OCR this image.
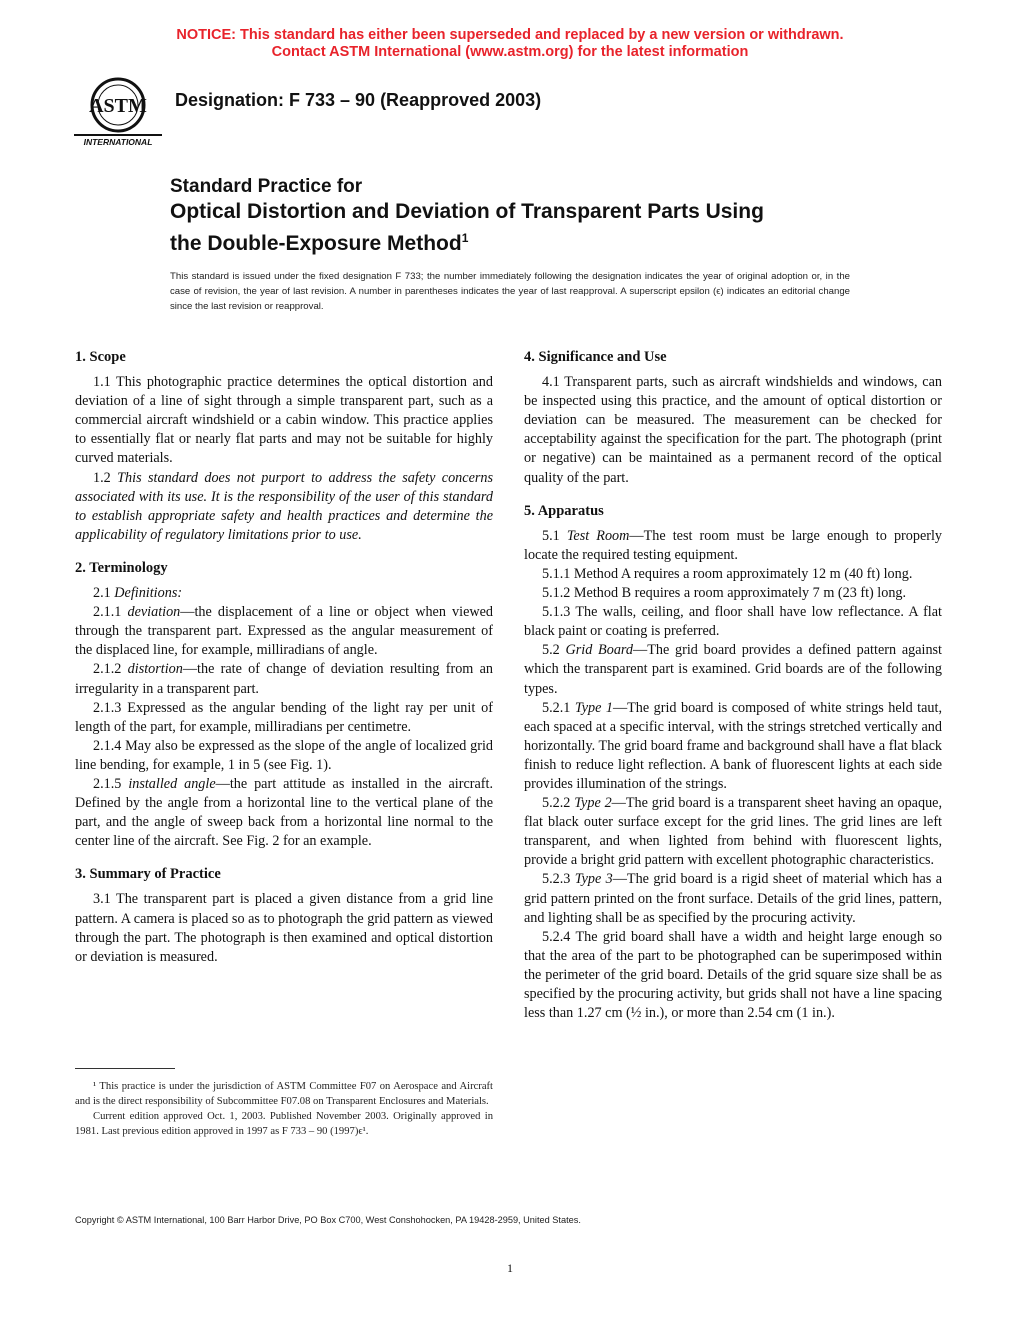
NOTICE: This standard has either been superseded and replaced by a new version or withdrawn.
Contact ASTM International (www.astm.org) for the latest information
ASTM
INTERNATIONAL
Designation: F 733 – 90 (Reapproved 2003)
Standard Practice for
Optical Distortion and Deviation of Transparent Parts Using
the Double-Exposure Method$^1$
This standard is issued under the fixed designation F 733; the number immediately following the designation indicates the year of original adoption or, in the case of revision, the year of last revision. A number in parentheses indicates the year of last reapproval. A superscript epsilon (ϵ) indicates an editorial change since the last revision or reapproval.
1. Scope

1.1 This photographic practice determines the optical distortion and deviation of a line of sight through a simple transparent part, such as a commercial aircraft windshield or a cabin window. This practice applies to essentially flat or nearly flat parts and may not be suitable for highly curved materials.

1.2 This standard does not purport to address the safety concerns associated with its use. It is the responsibility of the user of this standard to establish appropriate safety and health practices and determine the applicability of regulatory limitations prior to use.

2. Terminology

2.1 Definitions:

2.1.1 deviation—the displacement of a line or object when viewed through the transparent part. Expressed as the angular measurement of the displaced line, for example, milliradians of angle.

2.1.2 distortion—the rate of change of deviation resulting from an irregularity in a transparent part.

2.1.3 Expressed as the angular bending of the light ray per unit of length of the part, for example, milliradians per centimetre.

2.1.4 May also be expressed as the slope of the angle of localized grid line bending, for example, 1 in 5 (see Fig. 1).

2.1.5 installed angle—the part attitude as installed in the aircraft. Defined by the angle from a horizontal line to the vertical plane of the part, and the angle of sweep back from a horizontal line normal to the center line of the aircraft. See Fig. 2 for an example.

3. Summary of Practice

3.1 The transparent part is placed a given distance from a grid line pattern. A camera is placed so as to photograph the grid pattern as viewed through the part. The photograph is then examined and optical distortion or deviation is measured.

4. Significance and Use

4.1 Transparent parts, such as aircraft windshields and windows, can be inspected using this practice, and the amount of optical distortion or deviation can be measured. The measurement can be checked for acceptability against the specification for the part. The photograph (print or negative) can be maintained as a permanent record of the optical quality of the part.

5. Apparatus

5.1 Test Room—The test room must be large enough to properly locate the required testing equipment.

5.1.1 Method A requires a room approximately 12 m (40 ft) long.

5.1.2 Method B requires a room approximately 7 m (23 ft) long.

5.1.3 The walls, ceiling, and floor shall have low reflectance. A flat black paint or coating is preferred.

5.2 Grid Board—The grid board provides a defined pattern against which the transparent part is examined. Grid boards are of the following types.

5.2.1 Type 1—The grid board is composed of white strings held taut, each spaced at a specific interval, with the strings stretched vertically and horizontally. The grid board frame and background shall have a flat black finish to reduce light reflection. A bank of fluorescent lights at each side provides illumination of the strings.

5.2.2 Type 2—The grid board is a transparent sheet having an opaque, flat black outer surface except for the grid lines. The grid lines are left transparent, and when lighted from behind with fluorescent lights, provide a bright grid pattern with excellent photographic characteristics.

5.2.3 Type 3—The grid board is a rigid sheet of material which has a grid pattern printed on the front surface. Details of the grid lines, pattern, and lighting shall be as specified by the procuring activity.

5.2.4 The grid board shall have a width and height large enough so that the area of the part to be photographed can be superimposed within the perimeter of the grid board. Details of the grid square size shall be as specified by the procuring activity, but grids shall not have a line spacing less than 1.27 cm (½ in.), or more than 2.54 cm (1 in.).

¹ This practice is under the jurisdiction of ASTM Committee F07 on Aerospace and Aircraft and is the direct responsibility of Subcommittee F07.08 on Transparent Enclosures and Materials.

Current edition approved Oct. 1, 2003. Published November 2003. Originally approved in 1981. Last previous edition approved in 1997 as F 733 – 90 (1997)ϵ¹.

Copyright © ASTM International, 100 Barr Harbor Drive, PO Box C700, West Conshohocken, PA 19428-2959, United States.
1
